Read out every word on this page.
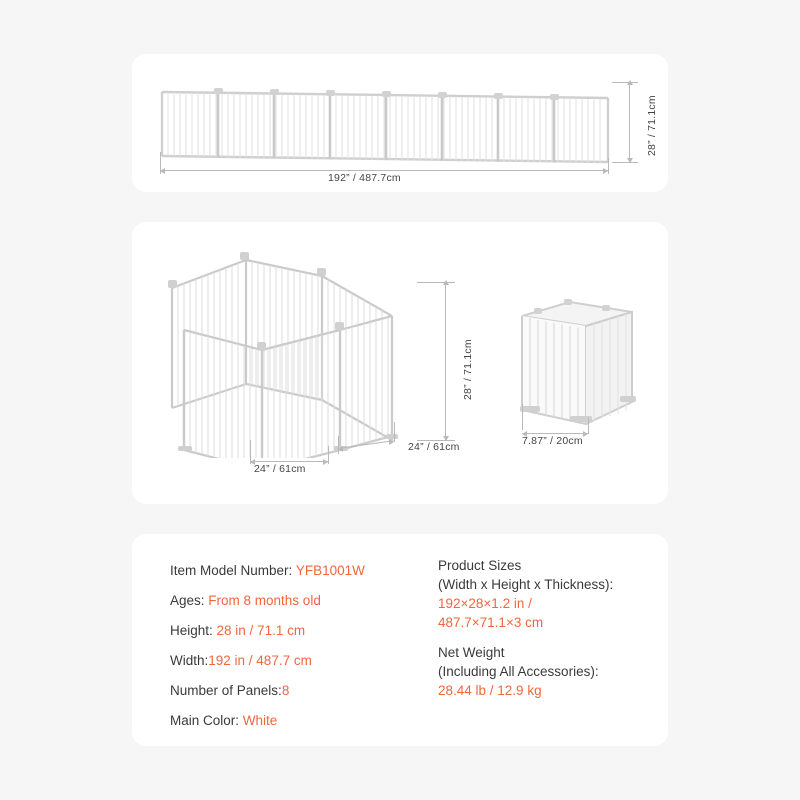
192” / 487.7cm
28” / 71.1cm
28” / 71.1cm
24” / 61cm
24” / 61cm	7.87” / 20cm
Item Model Number: YFB1001W
Ages: From 8 months old
Height: 28 in / 71.1 cm
Width:192 in / 487.7 cm
Number of Panels:8
Main Color: White
Product Sizes
(Width x Height x Thickness):
192×28×1.2 in /
487.7×71.1×3 cm
Net Weight
(Including All Accessories):
28.44 lb / 12.9 kg
